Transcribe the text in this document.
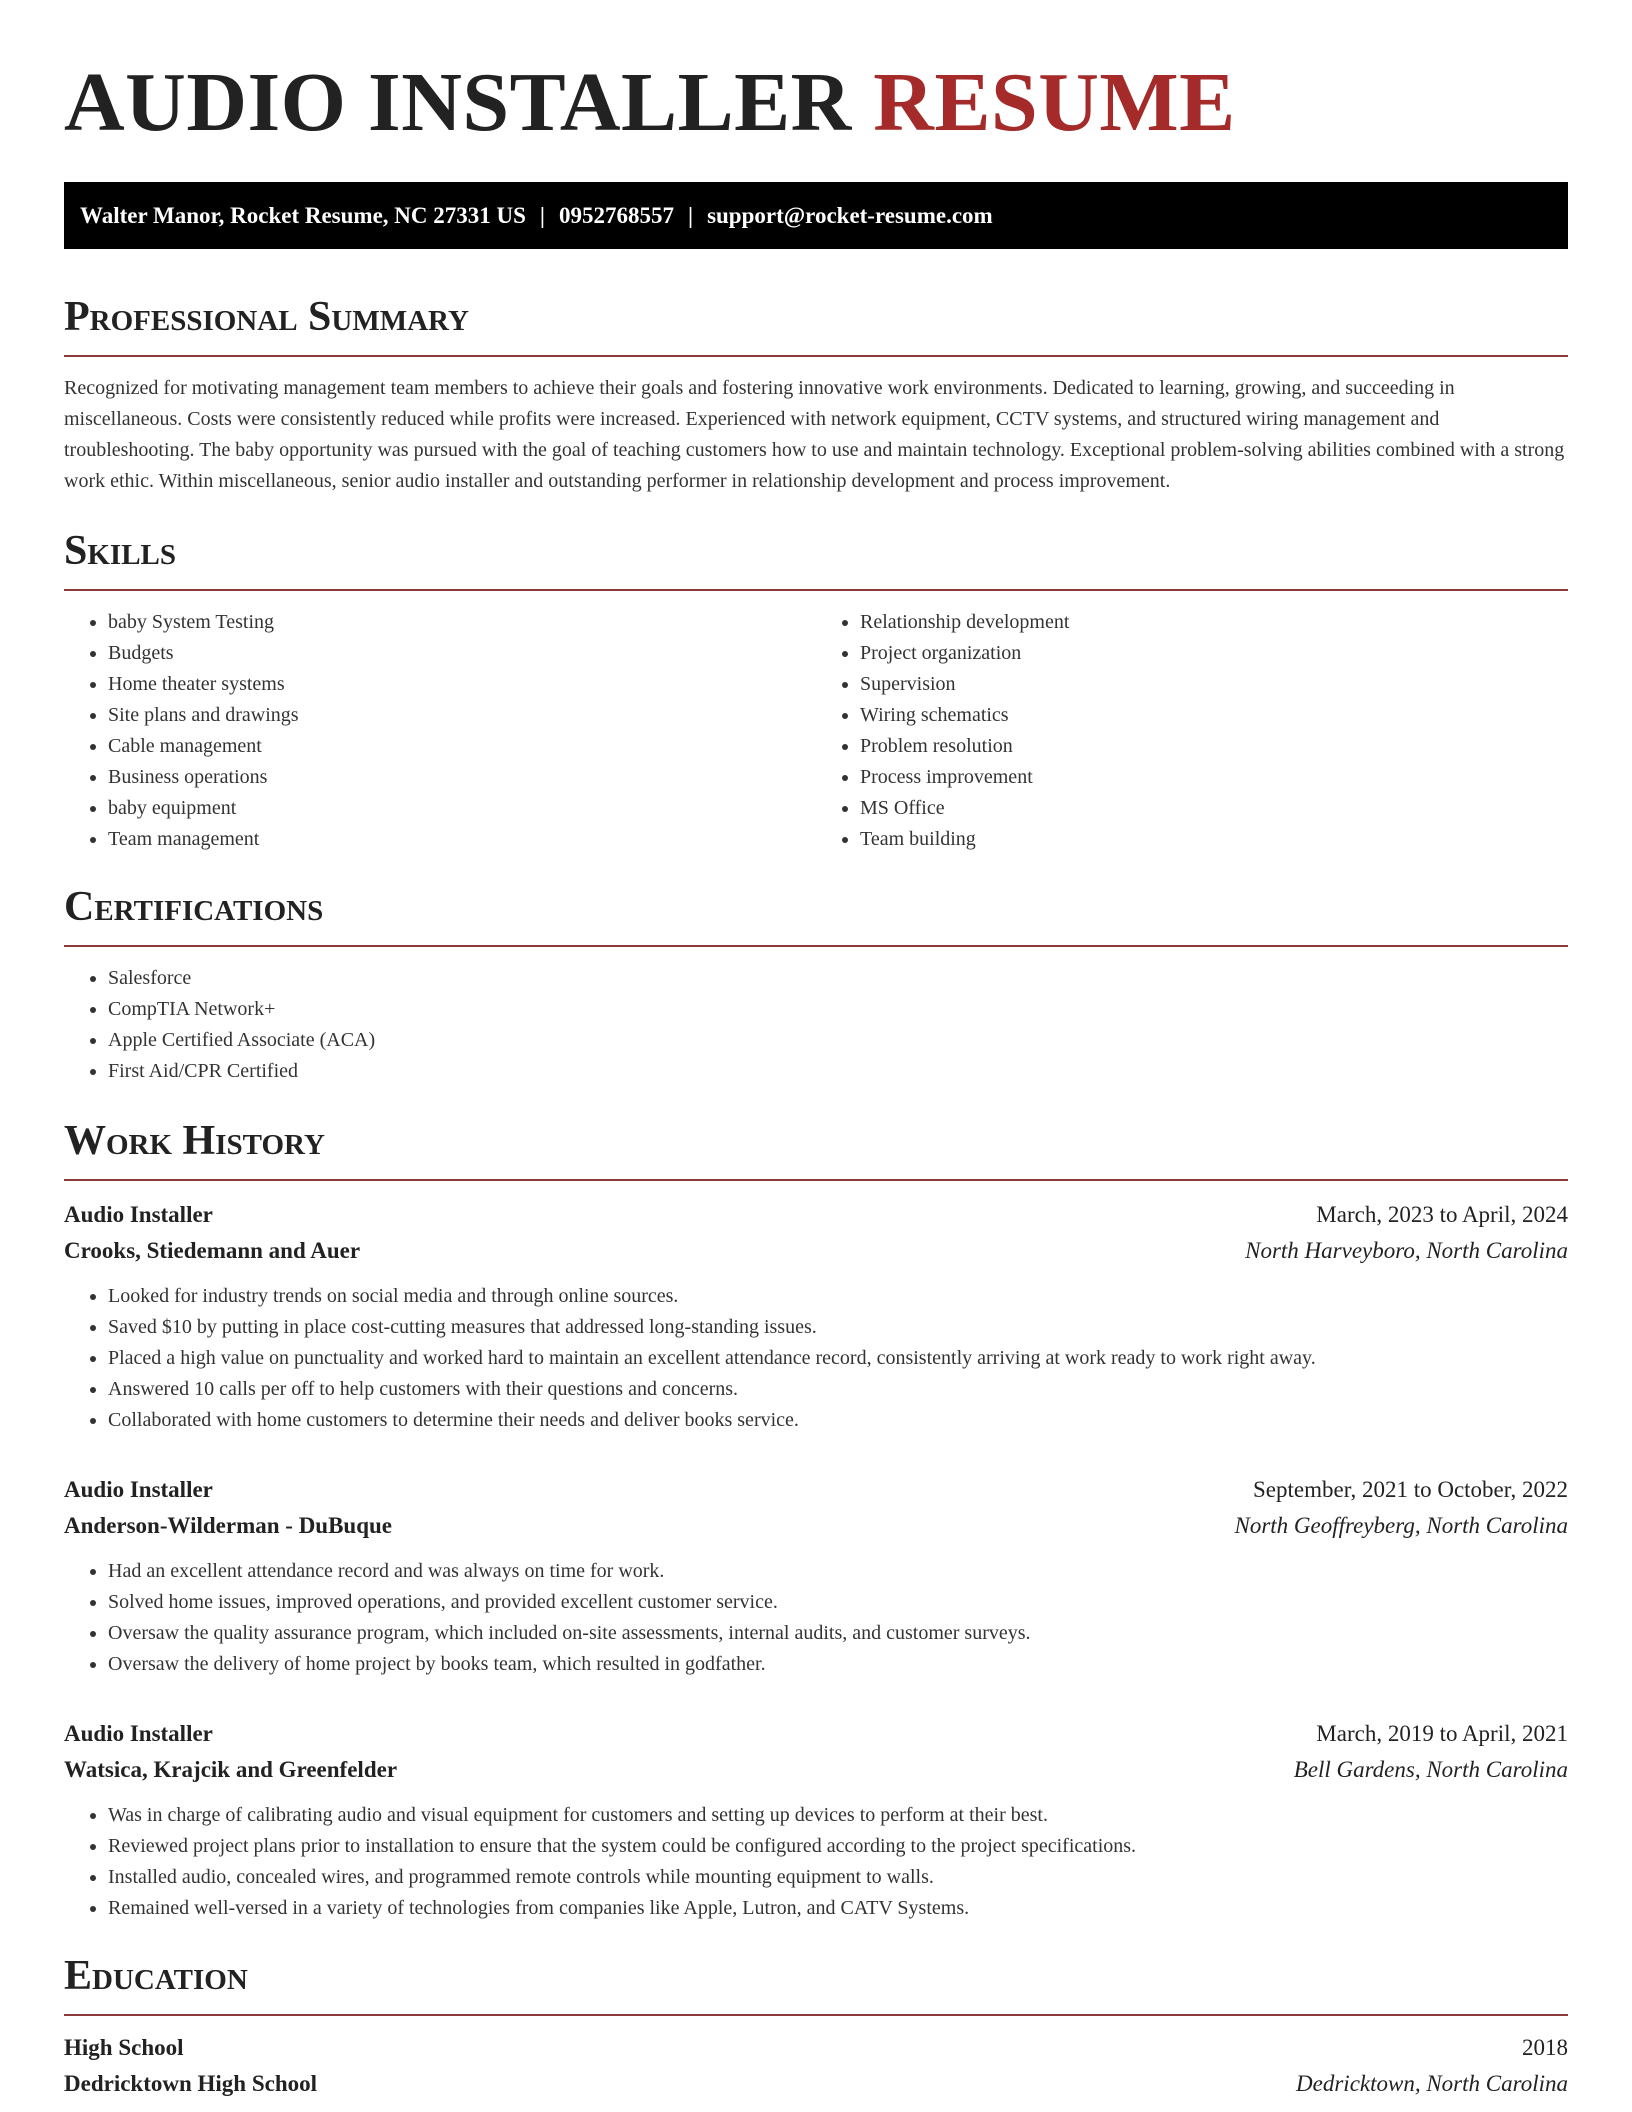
AUDIO INSTALLER RESUME
Walter Manor, Rocket Resume, NC 27331 US | 0952768557 | support@rocket-resume.com
Professional Summary

Recognized for motivating management team members to achieve their goals and fostering innovative work environments. Dedicated to learning, growing, and succeeding in miscellaneous. Costs were consistently reduced while profits were increased. Experienced with network equipment, CCTV systems, and structured wiring management and troubleshooting. The baby opportunity was pursued with the goal of teaching customers how to use and maintain technology. Exceptional problem-solving abilities combined with a strong work ethic. Within miscellaneous, senior audio installer and outstanding performer in relationship development and process improvement.

Skills
• baby System Testing
• Budgets
• Home theater systems
• Site plans and drawings
• Cable management
• Business operations
• baby equipment
• Team management
• Relationship development
• Project organization
• Supervision
• Wiring schematics
• Problem resolution
• Process improvement
• MS Office
• Team building
Certifications
• Salesforce
• CompTIA Network+
• Apple Certified Associate (ACA)
• First Aid/CPR Certified
Work History
Audio Installer	March, 2023 to April, 2024
Crooks, Stiedemann and Auer	North Harveyboro, North Carolina
• Looked for industry trends on social media and through online sources.
• Saved $10 by putting in place cost-cutting measures that addressed long-standing issues.
• Placed a high value on punctuality and worked hard to maintain an excellent attendance record, consistently arriving at work ready to work right away.
• Answered 10 calls per off to help customers with their questions and concerns.
• Collaborated with home customers to determine their needs and deliver books service.
Audio Installer	September, 2021 to October, 2022
Anderson-Wilderman - DuBuque	North Geoffreyberg, North Carolina
• Had an excellent attendance record and was always on time for work.
• Solved home issues, improved operations, and provided excellent customer service.
• Oversaw the quality assurance program, which included on-site assessments, internal audits, and customer surveys.
• Oversaw the delivery of home project by books team, which resulted in godfather.
Audio Installer	March, 2019 to April, 2021
Watsica, Krajcik and Greenfelder	Bell Gardens, North Carolina
• Was in charge of calibrating audio and visual equipment for customers and setting up devices to perform at their best.
• Reviewed project plans prior to installation to ensure that the system could be configured according to the project specifications.
• Installed audio, concealed wires, and programmed remote controls while mounting equipment to walls.
• Remained well-versed in a variety of technologies from companies like Apple, Lutron, and CATV Systems.
Education
High School	2018
Dedricktown High School	Dedricktown, North Carolina
